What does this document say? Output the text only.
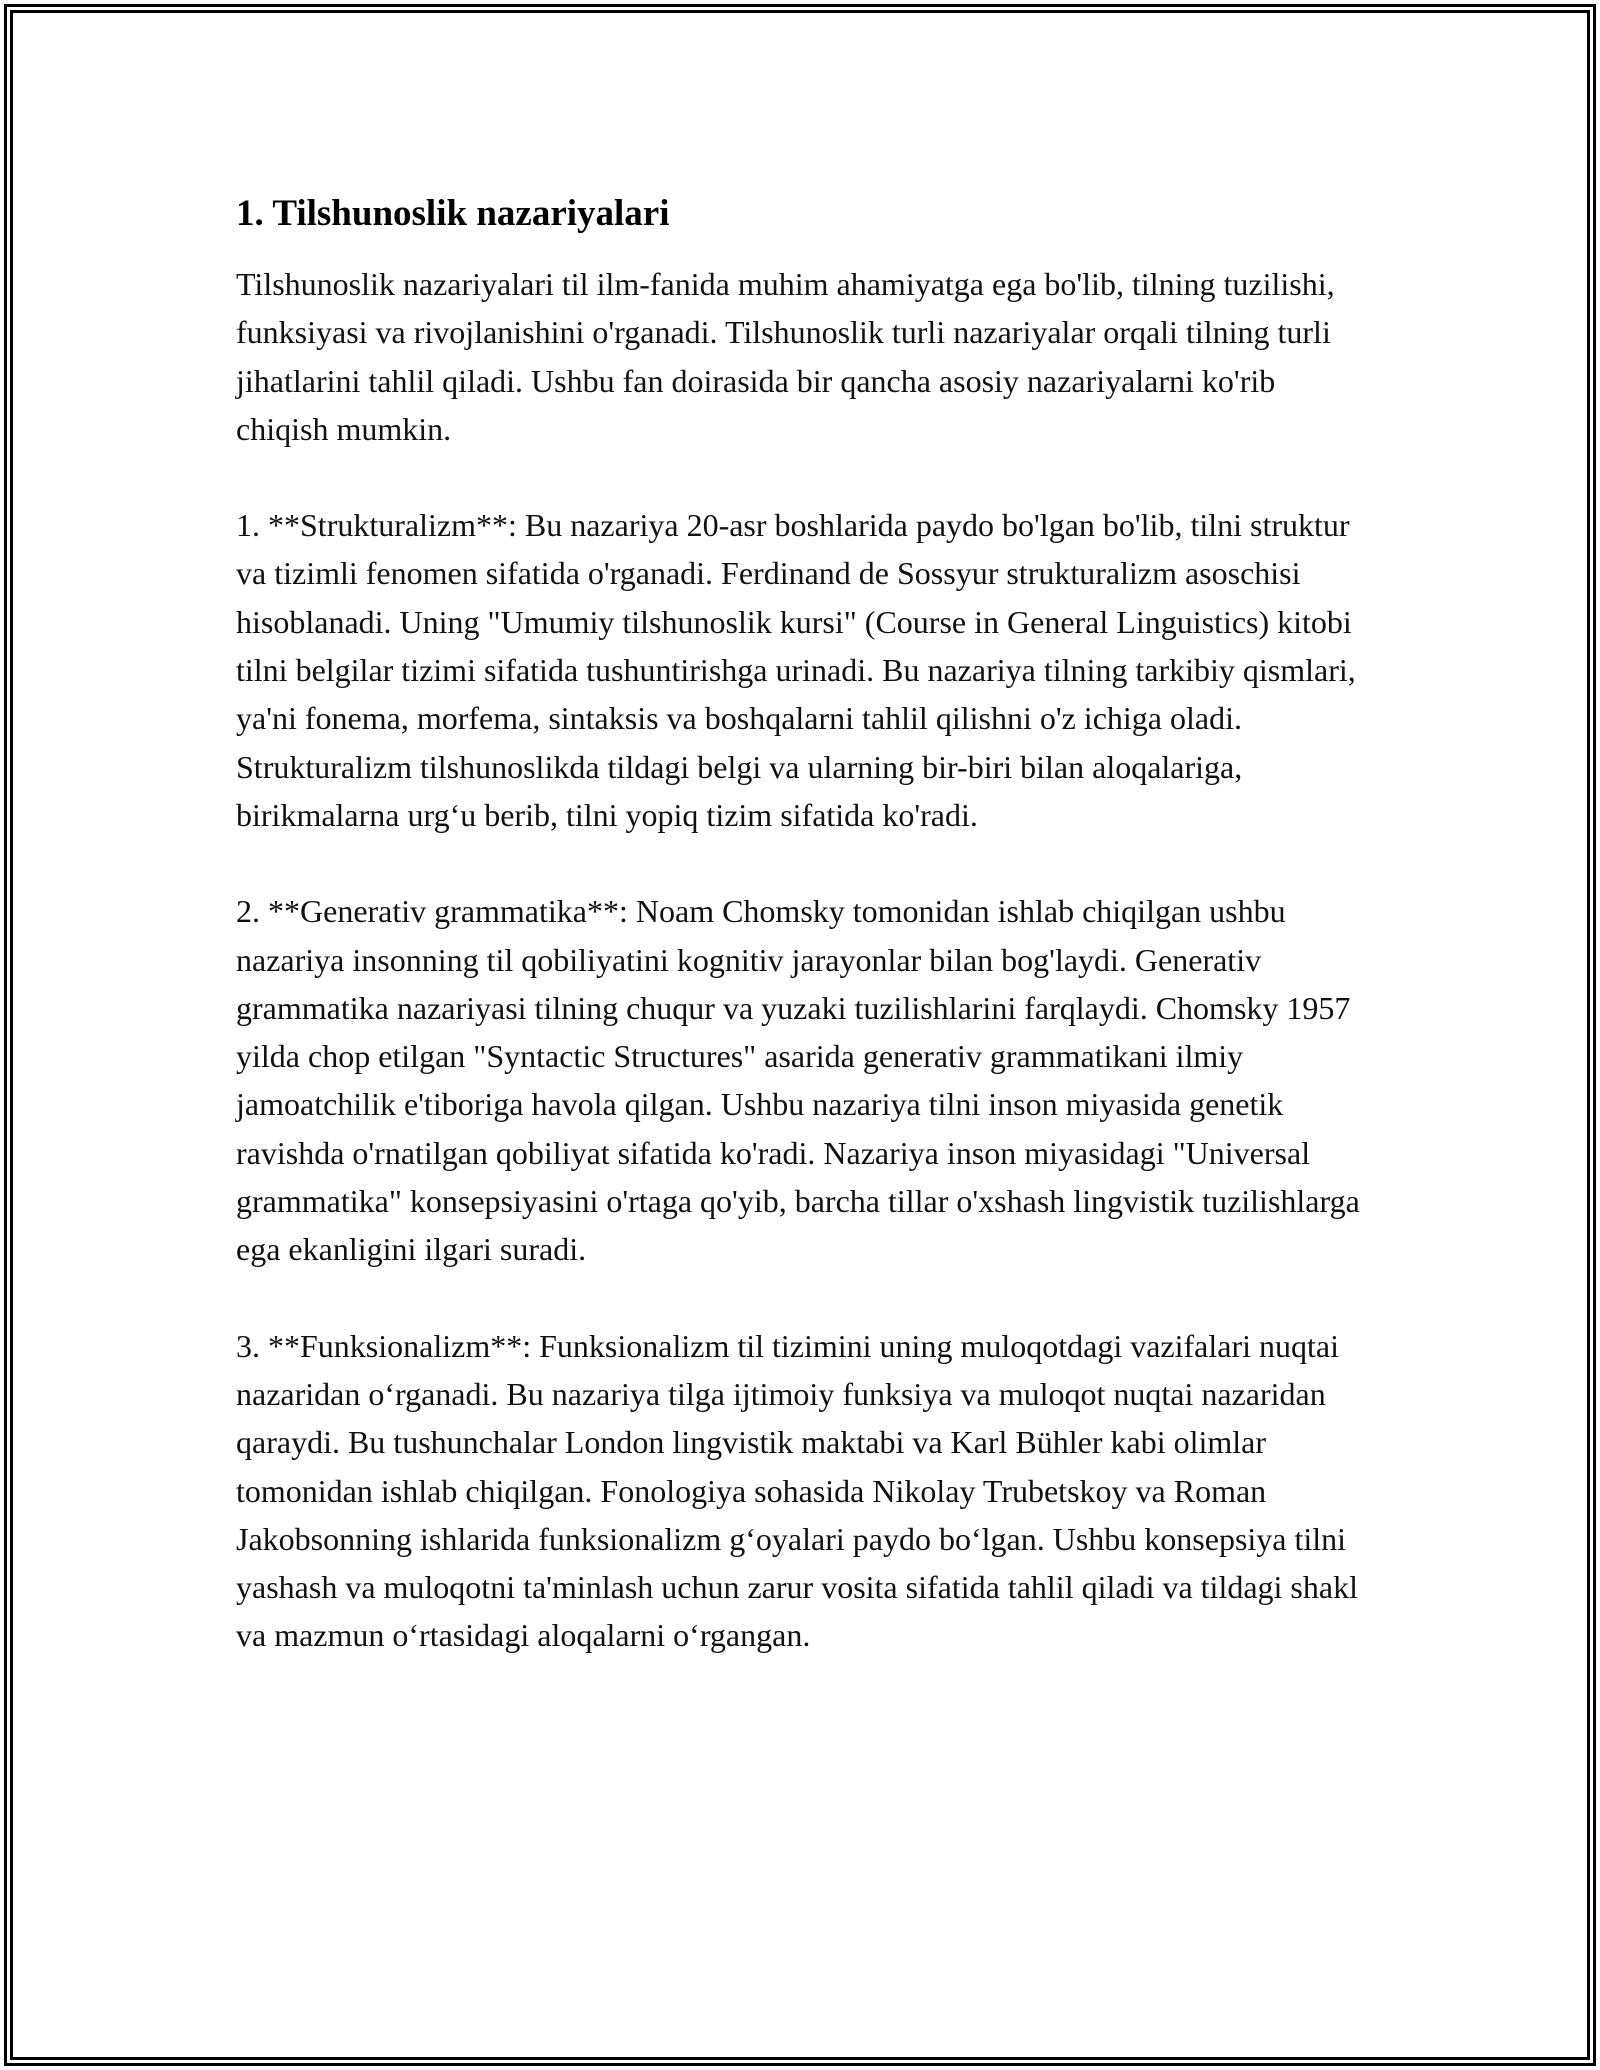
1. Tilshunoslik nazariyalari

Tilshunoslik nazariyalari til ilm-fanida muhim ahamiyatga ega bo'lib, tilning tuzilishi, funksiyasi va rivojlanishini o'rganadi. Tilshunoslik turli nazariyalar orqali tilning turli jihatlarini tahlil qiladi. Ushbu fan doirasida bir qancha asosiy nazariyalarni ko'rib chiqish mumkin.

1. **Strukturalizm**: Bu nazariya 20-asr boshlarida paydo bo'lgan bo'lib, tilni struktur va tizimli fenomen sifatida o'rganadi. Ferdinand de Sossyur strukturalizm asoschisi hisoblanadi. Uning "Umumiy tilshunoslik kursi" (Course in General Linguistics) kitobi tilni belgilar tizimi sifatida tushuntirishga urinadi. Bu nazariya tilning tarkibiy qismlari, ya'ni fonema, morfema, sintaksis va boshqalarni tahlil qilishni o'z ichiga oladi. Strukturalizm tilshunoslikda tildagi belgi va ularning bir-biri bilan aloqalariga, birikmalarna urg‘u berib, tilni yopiq tizim sifatida ko'radi.

2. **Generativ grammatika**: Noam Chomsky tomonidan ishlab chiqilgan ushbu nazariya insonning til qobiliyatini kognitiv jarayonlar bilan bog'laydi. Generativ grammatika nazariyasi tilning chuqur va yuzaki tuzilishlarini farqlaydi. Chomsky 1957 yilda chop etilgan "Syntactic Structures" asarida generativ grammatikani ilmiy jamoatchilik e'tiboriga havola qilgan. Ushbu nazariya tilni inson miyasida genetik ravishda o'rnatilgan qobiliyat sifatida ko'radi. Nazariya inson miyasidagi "Universal grammatika" konsepsiyasini o'rtaga qo'yib, barcha tillar o'xshash lingvistik tuzilishlarga ega ekanligini ilgari suradi.

3. **Funksionalizm**: Funksionalizm til tizimini uning muloqotdagi vazifalari nuqtai nazaridan o‘rganadi. Bu nazariya tilga ijtimoiy funksiya va muloqot nuqtai nazaridan qaraydi. Bu tushunchalar London lingvistik maktabi va Karl Bühler kabi olimlar tomonidan ishlab chiqilgan. Fonologiya sohasida Nikolay Trubetskoy va Roman Jakobsonning ishlarida funksionalizm g‘oyalari paydo bo‘lgan. Ushbu konsepsiya tilni yashash va muloqotni ta'minlash uchun zarur vosita sifatida tahlil qiladi va tildagi shakl va mazmun o‘rtasidagi aloqalarni o‘rgangan.
